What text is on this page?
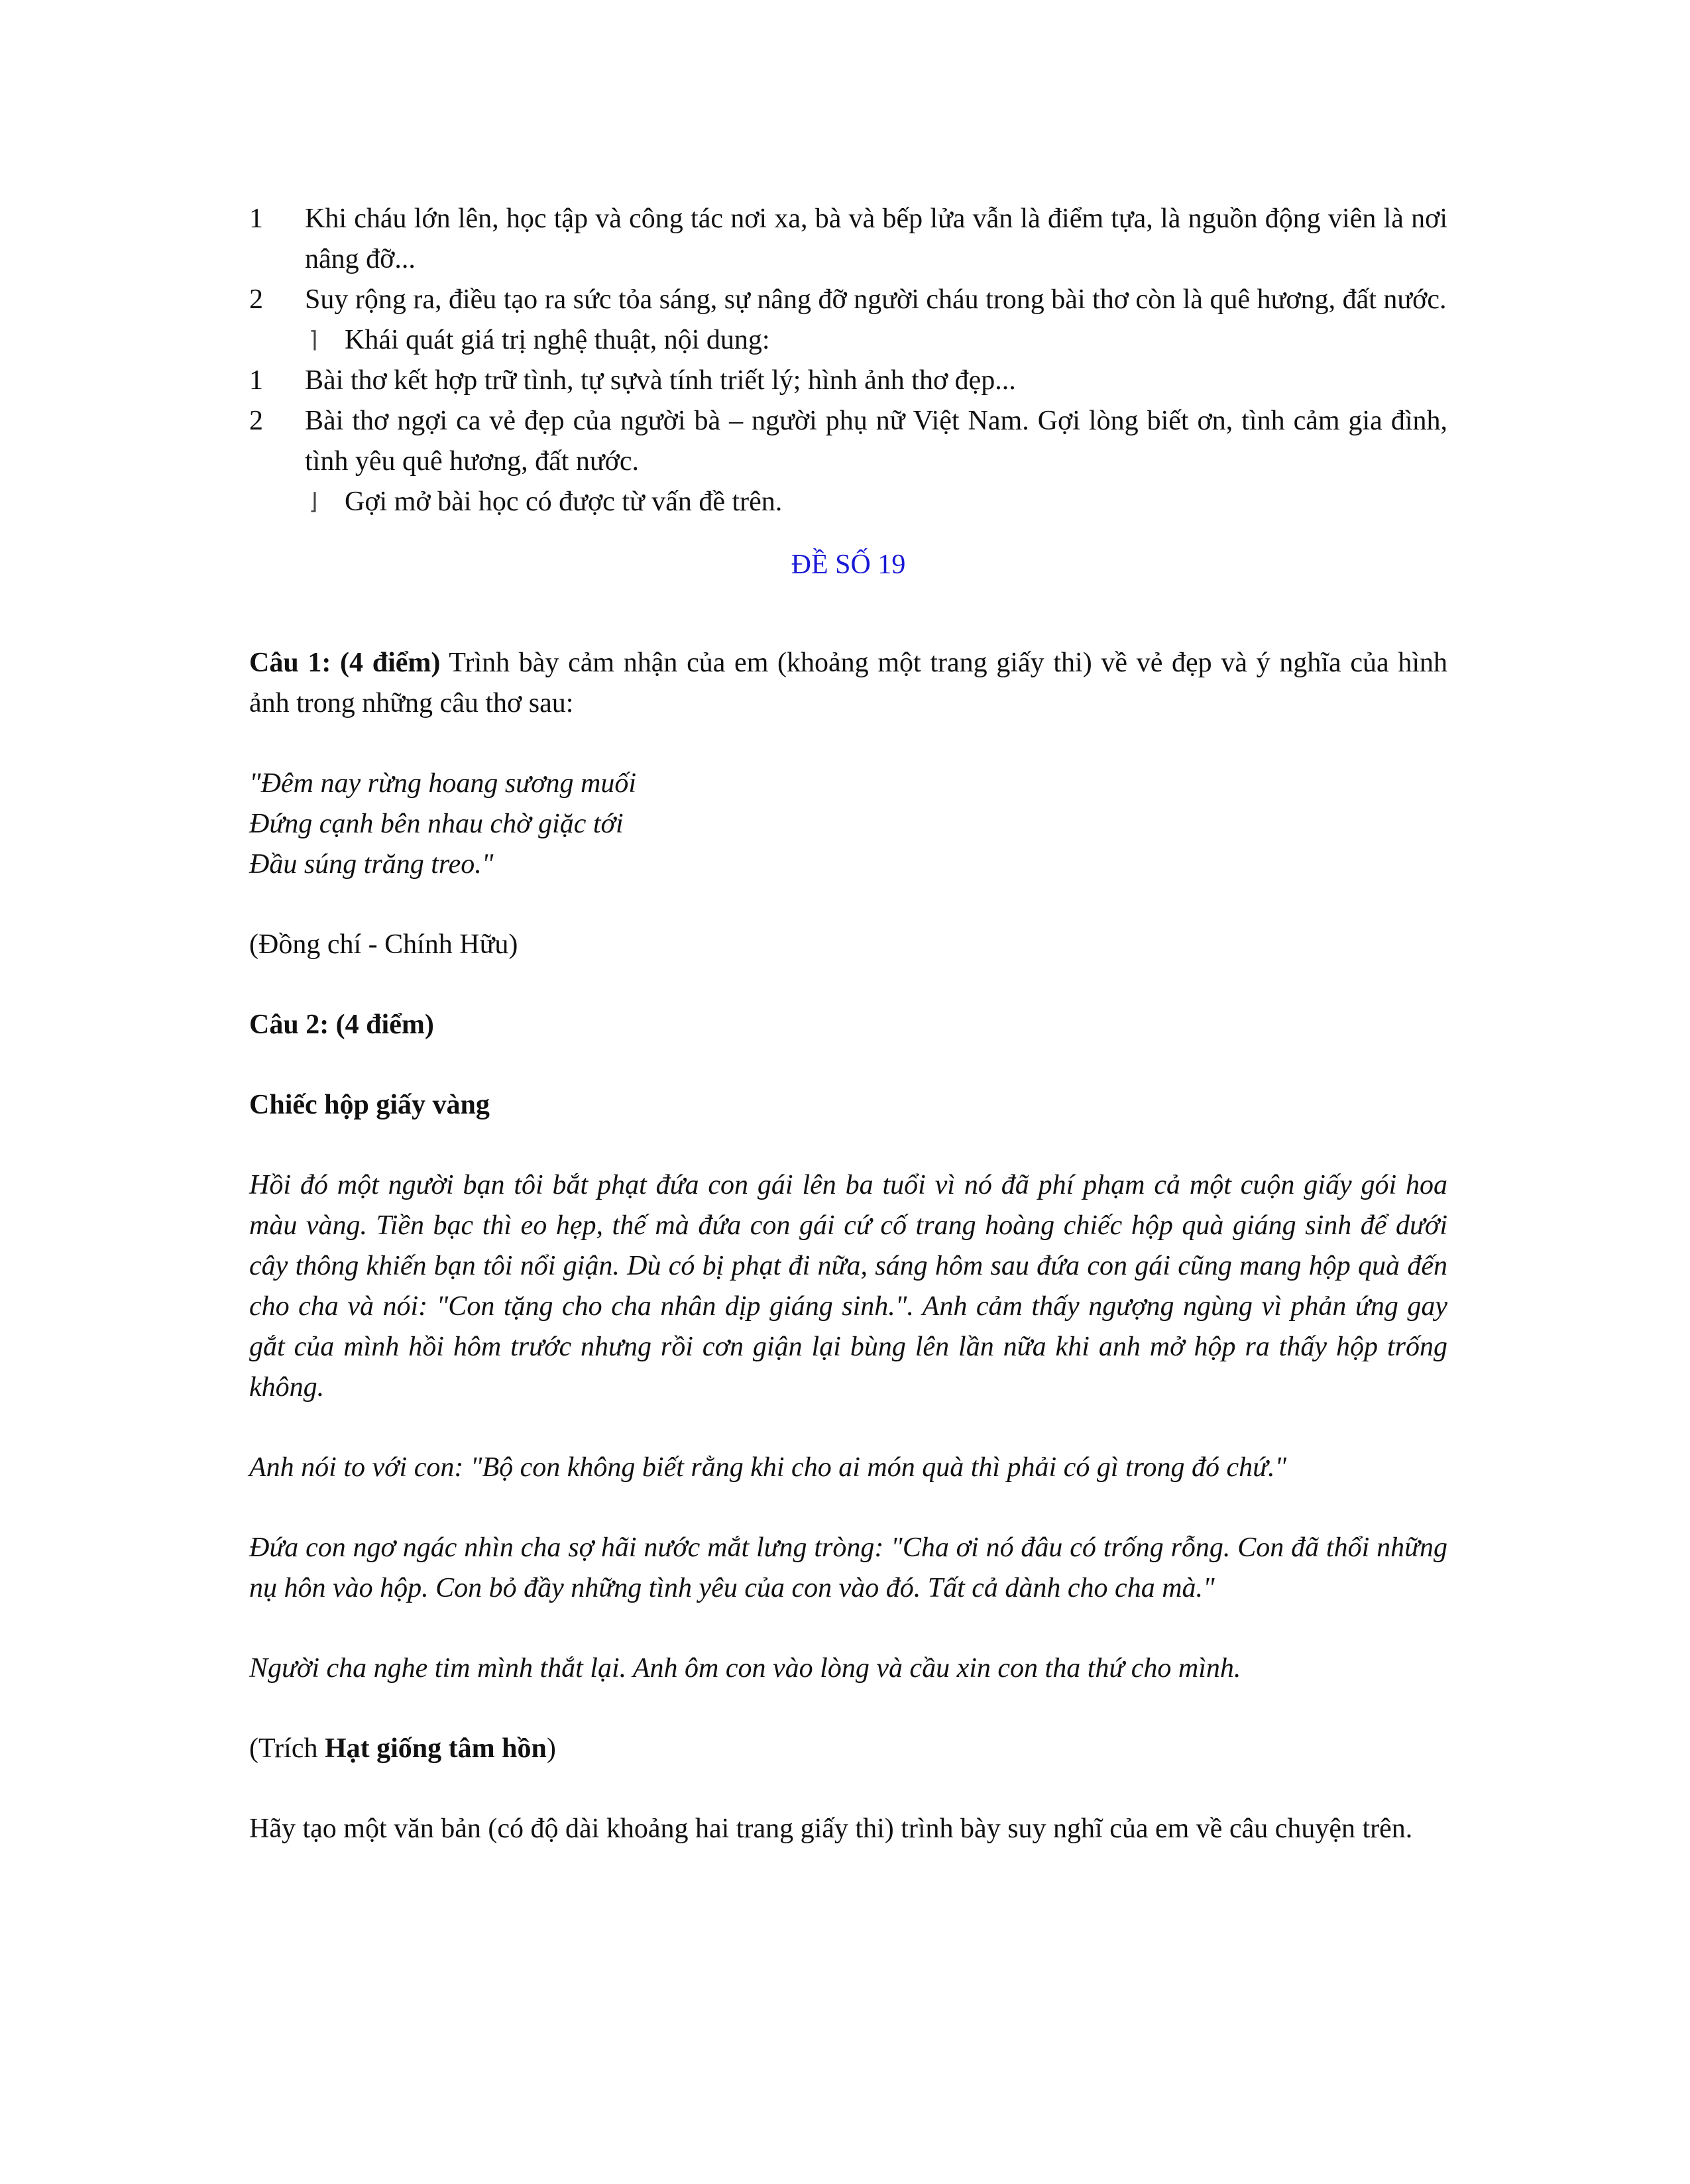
1 Khi cháu lớn lên, học tập và công tác nơi xa, bà và bếp lửa vẫn là điểm tựa, là nguồn động viên là nơi nâng đỡ...

2 Suy rộng ra, điều tạo ra sức tỏa sáng, sự nâng đỡ người cháu trong bài thơ còn là quê hương, đất nước.

⌉ Khái quát giá trị nghệ thuật, nội dung:

1 Bài thơ kết hợp trữ tình, tự sựvà tính triết lý; hình ảnh thơ đẹp...

2 Bài thơ ngợi ca vẻ đẹp của người bà – người phụ nữ Việt Nam. Gợi lòng biết ơn, tình cảm gia đình, tình yêu quê hương, đất nước.

⌋ Gợi mở bài học có được từ vấn đề trên.

ĐỀ SỐ 19

Câu 1: (4 điểm) Trình bày cảm nhận của em (khoảng một trang giấy thi) về vẻ đẹp và ý nghĩa của hình ảnh trong những câu thơ sau:

"Đêm nay rừng hoang sương muối

Đứng cạnh bên nhau chờ giặc tới

Đầu súng trăng treo."

(Đồng chí - Chính Hữu)

Câu 2: (4 điểm)

Chiếc hộp giấy vàng

Hồi đó một người bạn tôi bắt phạt đứa con gái lên ba tuổi vì nó đã phí phạm cả một cuộn giấy gói hoa màu vàng. Tiền bạc thì eo hẹp, thế mà đứa con gái cứ cố trang hoàng chiếc hộp quà giáng sinh để dưới cây thông khiến bạn tôi nổi giận. Dù có bị phạt đi nữa, sáng hôm sau đứa con gái cũng mang hộp quà đến cho cha và nói: "Con tặng cho cha nhân dịp giáng sinh.". Anh cảm thấy ngượng ngùng vì phản ứng gay gắt của mình hồi hôm trước nhưng rồi cơn giận lại bùng lên lần nữa khi anh mở hộp ra thấy hộp trống không.

Anh nói to với con: "Bộ con không biết rằng khi cho ai món quà thì phải có gì trong đó chứ."

Đứa con ngơ ngác nhìn cha sợ hãi nước mắt lưng tròng: "Cha ơi nó đâu có trống rỗng. Con đã thổi những nụ hôn vào hộp. Con bỏ đầy những tình yêu của con vào đó. Tất cả dành cho cha mà."

Người cha nghe tim mình thắt lại. Anh ôm con vào lòng và cầu xin con tha thứ cho mình.

(Trích Hạt giống tâm hồn)

Hãy tạo một văn bản (có độ dài khoảng hai trang giấy thi) trình bày suy nghĩ của em về câu chuyện trên.
